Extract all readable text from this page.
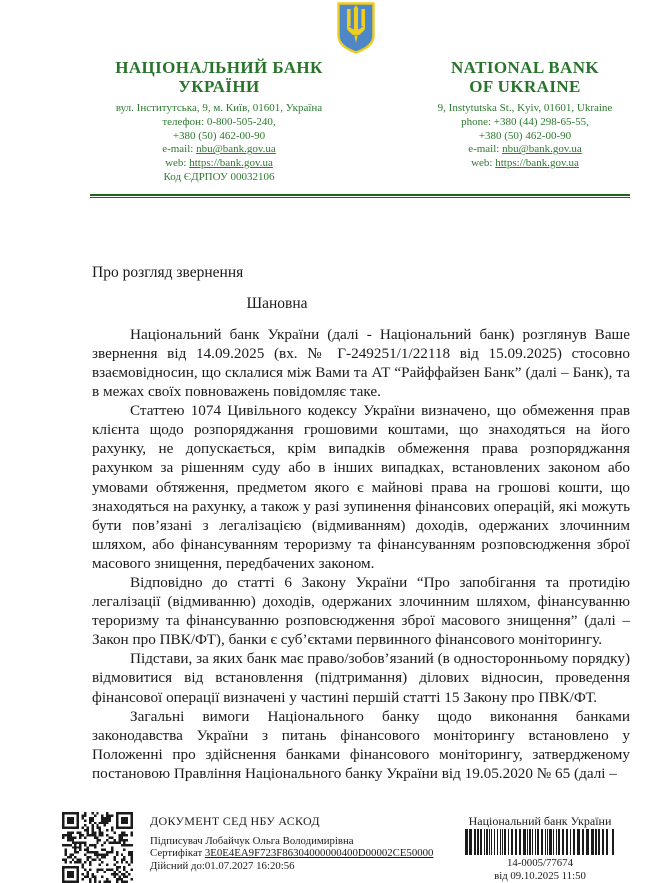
НАЦІОНАЛЬНИЙ БАНК
УКРАЇНИ
вул. Інститутська, 9, м. Київ, 01601, Україна
телефон: 0-800-505-240,
+380 (50) 462-00-90
e-mail: nbu@bank.gov.ua
web: https://bank.gov.ua
Код ЄДРПОУ 00032106
NATIONAL BANK
OF UKRAINE
9, Instytutska St., Kyiv, 01601, Ukraine
phone: +380 (44) 298-65-55,
+380 (50) 462-00-90
e-mail: nbu@bank.gov.ua
web: https://bank.gov.ua
Про розгляд звернення
Шановна

Національний банк України (далі - Національний банк) розглянув Ваше звернення від 14.09.2025 (вх. № Г-249251/1/22118 від 15.09.2025) стосовно взаємовідносин, що склалися між Вами та АТ “Райффайзен Банк” (далі – Банк), та в межах своїх повноважень повідомляє таке.

Статтею 1074 Цивільного кодексу України визначено, що обмеження прав клієнта щодо розпоряджання грошовими коштами, що знаходяться на його рахунку, не допускається, крім випадків обмеження права розпоряджання рахунком за рішенням суду або в інших випадках, встановлених законом або умовами обтяження, предметом якого є майнові права на грошові кошти, що знаходяться на рахунку, а також у разі зупинення фінансових операцій, які можуть бути пов’язані з легалізацією (відмиванням) доходів, одержаних злочинним шляхом, або фінансуванням тероризму та фінансуванням розповсюдження зброї масового знищення, передбачених законом.

Відповідно до статті 6 Закону України “Про запобігання та протидію легалізації (відмиванню) доходів, одержаних злочинним шляхом, фінансуванню тероризму та фінансуванню розповсюдження зброї масового знищення” (далі – Закон про ПВК/ФТ), банки є суб’єктами первинного фінансового моніторингу.

Підстави, за яких банк має право/зобов’язаний (в односторонньому порядку) відмовитися від встановлення (підтримання) ділових відносин, проведення фінансової операції визначені у частині першій статті 15 Закону про ПВК/ФТ.

Загальні вимоги Національного банку щодо виконання банками законодавства України з питань фінансового моніторингу встановлено у Положенні про здійснення банками фінансового моніторингу, затвердженому постановою Правління Національного банку України від 19.05.2020 № 65 (далі –

ДОКУМЕНТ СЕД НБУ АСКОД
Підписувач Лобайчук Ольга Володимирівна
Сертифікат 3E0E4EA9F723F86304000000400D00002CE50000
Дійсний до:01.07.2027 16:20:56
Національний банк України
14-0005/77674
від 09.10.2025 11:50
